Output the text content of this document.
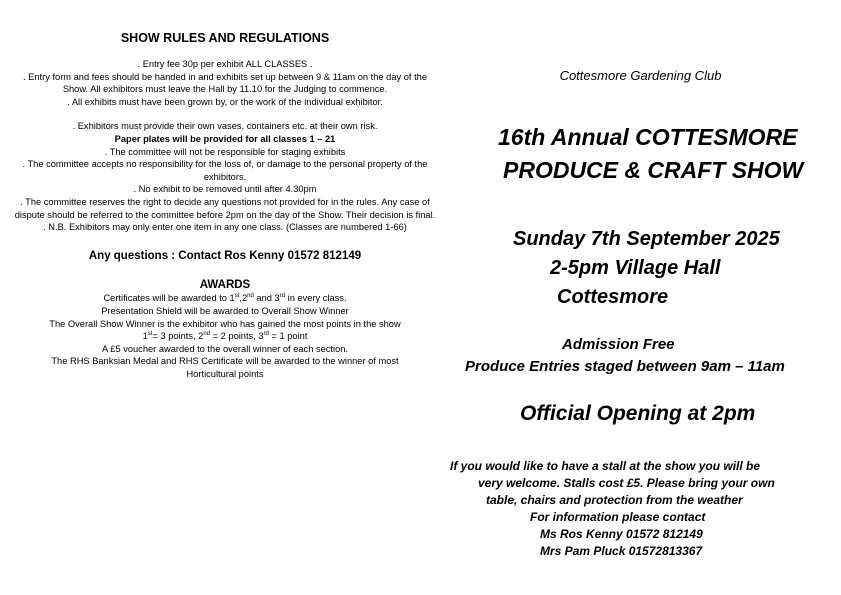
SHOW RULES AND REGULATIONS
. Entry fee 30p per exhibit ALL CLASSES .
. Entry form and fees should be handed in and exhibits set up between 9 & 11am on the day of the Show. All exhibitors must leave the Hall by 11.10 for the Judging to commence.
. All exhibits must have been grown by, or the work of the individual exhibitor.
. Exhibitors must provide their own vases, containers etc. at their own risk.
Paper plates will be provided for all classes 1 – 21
. The committee will not be responsible for staging exhibits
. The committee accepts no responsibility for the loss of, or damage to the personal property of the exhibitors.
. No exhibit to be removed until after 4.30pm
. The committee reserves the right to decide any questions not provided for in the rules. Any case of dispute should be referred to the committee before 2pm on the day of the Show. Their decision is final.
. N.B. Exhibitors may only enter one item in any one class. (Classes are numbered 1-66)
Any questions : Contact Ros Kenny 01572 812149
AWARDS
Certificates will be awarded to 1st,2nd and 3rd in every class.
Presentation Shield will be awarded to Overall Show Winner
The Overall Show Winner is the exhibitor who has gained the most points in the show
1st= 3 points, 2nd = 2 points, 3rd = 1 point
A £5 voucher awarded to the overall winner of each section.
The RHS Banksian Medal and RHS Certificate will be awarded to the winner of most
Horticultural points
Cottesmore Gardening Club
16th Annual COTTESMORE
PRODUCE & CRAFT SHOW
Sunday 7th September 2025
2-5pm Village Hall
Cottesmore
Admission Free
Produce Entries staged between 9am – 11am
Official Opening at 2pm
If you would like to have a stall at the show you will be
very welcome. Stalls cost £5. Please bring your own
table, chairs and protection from the weather
For information please contact
Ms Ros Kenny 01572 812149
Mrs Pam Pluck 01572813367
